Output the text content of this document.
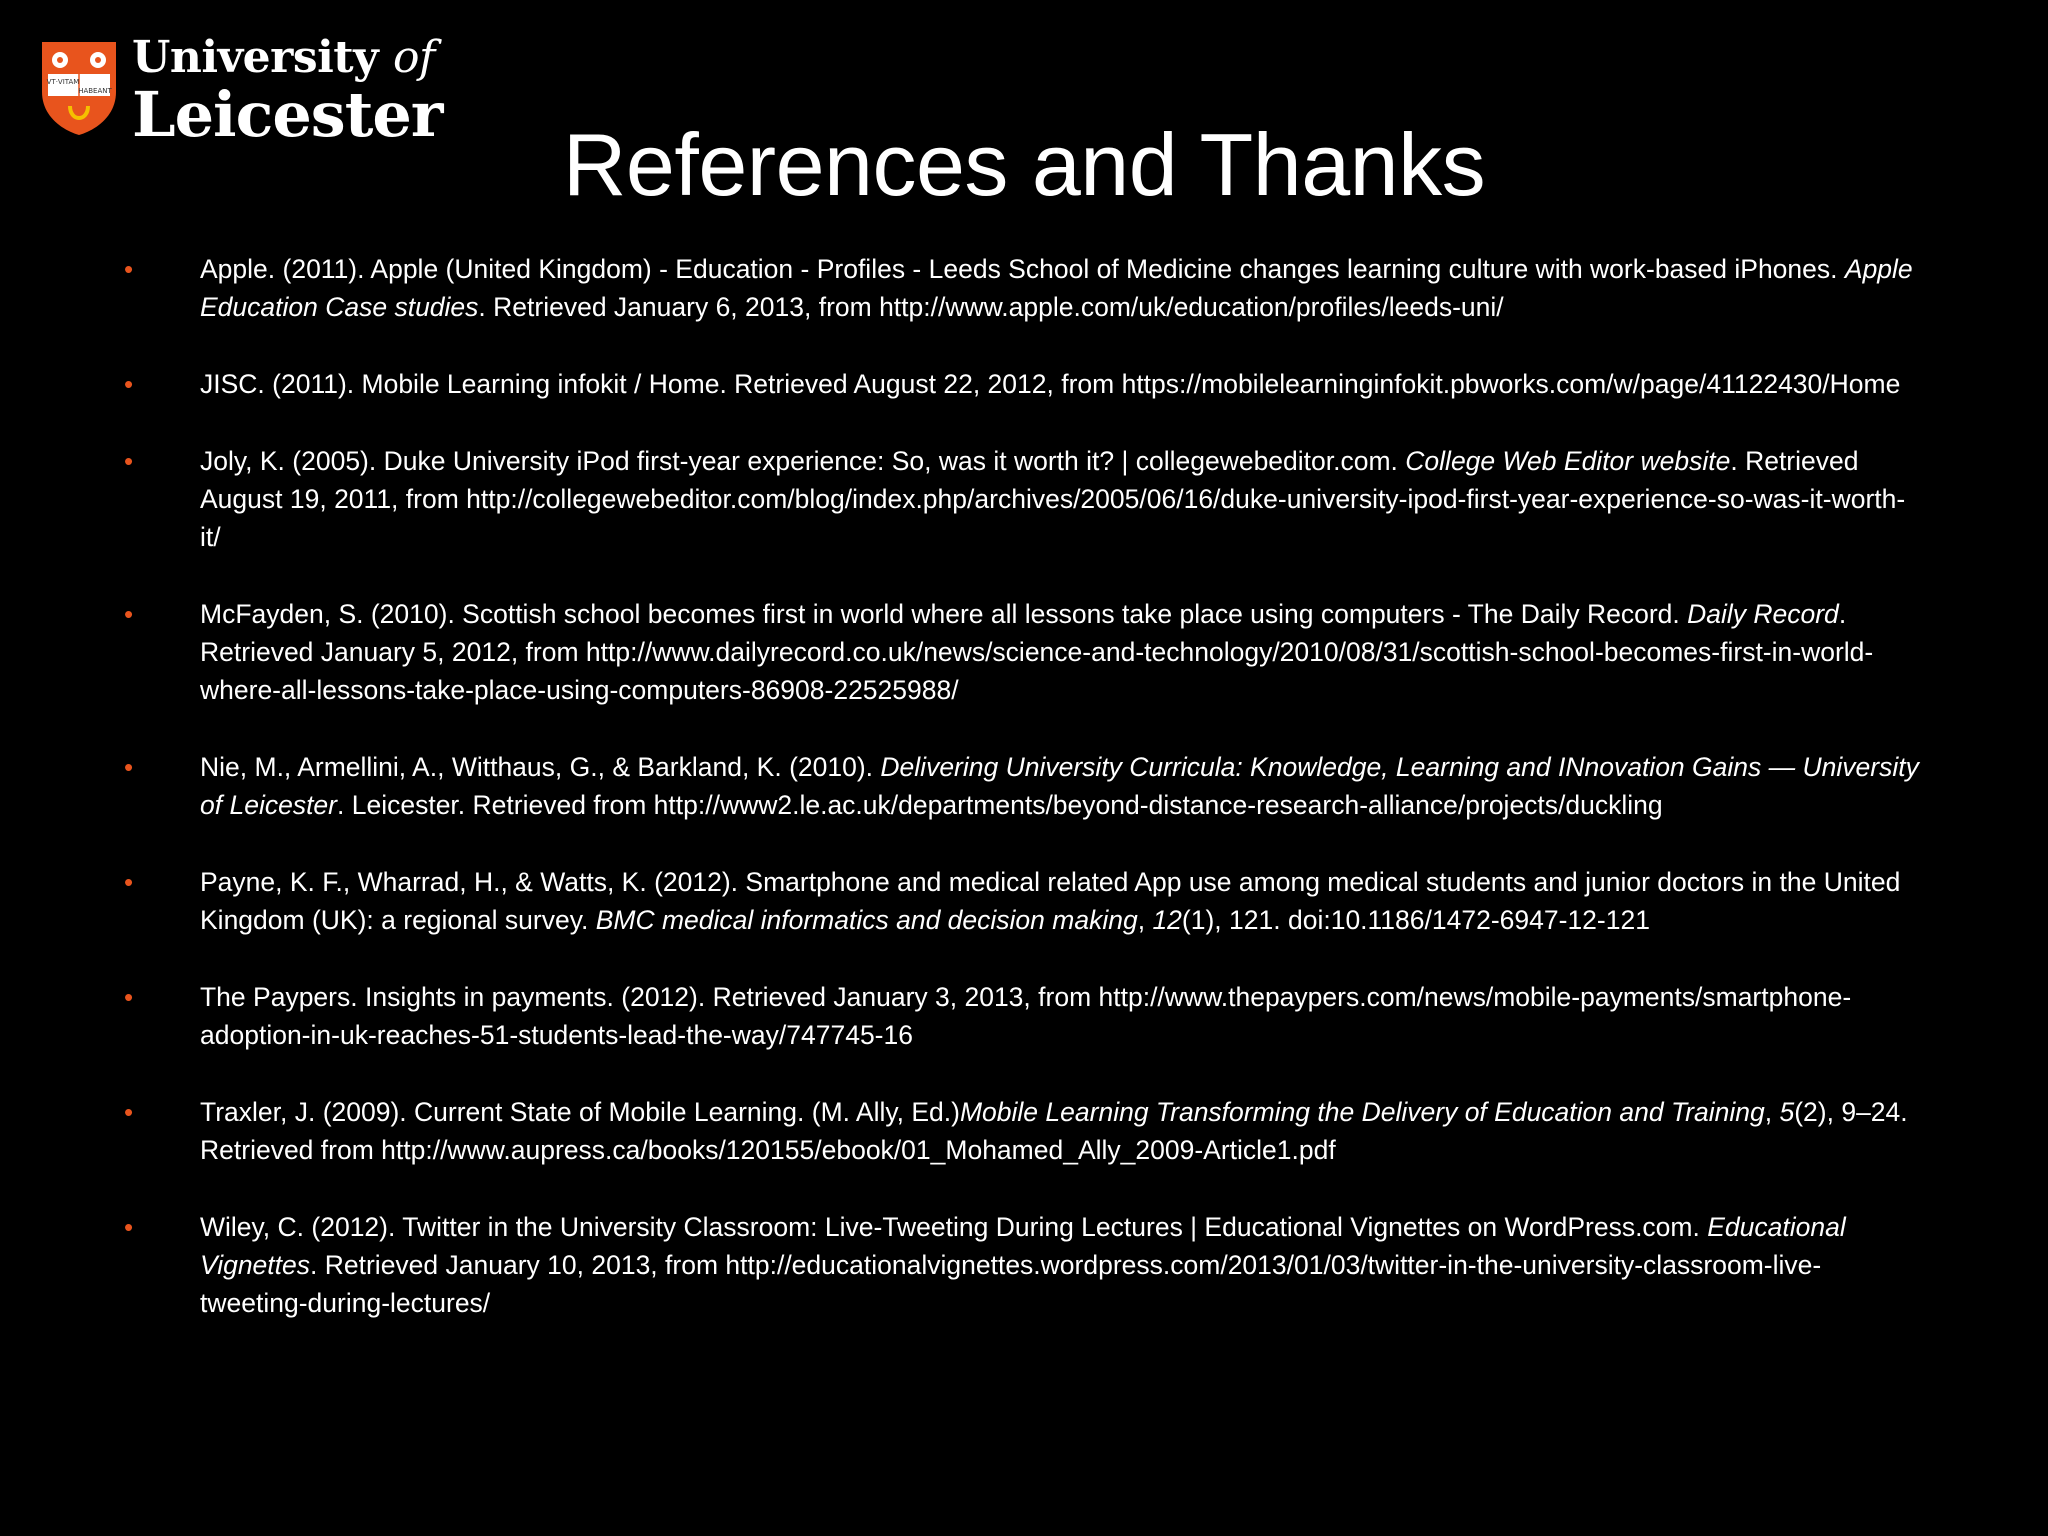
VT·VITAM
HABEANT
University of
Leicester
References and Thanks
•	Apple. (2011). Apple (United Kingdom) - Education - Profiles - Leeds School of Medicine changes learning culture with work-based iPhones. Apple Education Case studies. Retrieved January 6, 2013, from http://www.apple.com/uk/education/profiles/leeds-uni/
•	JISC. (2011). Mobile Learning infokit / Home. Retrieved August 22, 2012, from https://mobilelearninginfokit.pbworks.com/w/page/41122430/Home
•	Joly, K. (2005). Duke University iPod first-year experience: So, was it worth it? | collegewebeditor.com. College Web Editor website. Retrieved August 19, 2011, from http://collegewebeditor.com/blog/index.php/archives/2005/06/16/duke-university-ipod-first-year-experience-so-was-it-worth-it/
•	McFayden, S. (2010). Scottish school becomes first in world where all lessons take place using computers - The Daily Record. Daily Record. Retrieved January 5, 2012, from http://www.dailyrecord.co.uk/news/science-and-technology/2010/08/31/scottish-school-becomes-first-in-world-where-all-lessons-take-place-using-computers-86908-22525988/
•	Nie, M., Armellini, A., Witthaus, G., & Barkland, K. (2010). Delivering University Curricula: Knowledge, Learning and INnovation Gains — University of Leicester. Leicester. Retrieved from http://www2.le.ac.uk/departments/beyond-distance-research-alliance/projects/duckling
•	Payne, K. F., Wharrad, H., & Watts, K. (2012). Smartphone and medical related App use among medical students and junior doctors in the United Kingdom (UK): a regional survey. BMC medical informatics and decision making, 12(1), 121. doi:10.1186/1472-6947-12-121
•	The Paypers. Insights in payments. (2012). Retrieved January 3, 2013, from http://www.thepaypers.com/news/mobile-payments/smartphone-adoption-in-uk-reaches-51-students-lead-the-way/747745-16
•	Traxler, J. (2009). Current State of Mobile Learning. (M. Ally, Ed.)Mobile Learning Transforming the Delivery of Education and Training, 5(2), 9–24. Retrieved from http://www.aupress.ca/books/120155/ebook/01_Mohamed_Ally_2009-Article1.pdf
•	Wiley, C. (2012). Twitter in the University Classroom: Live-Tweeting During Lectures | Educational Vignettes on WordPress.com. Educational Vignettes. Retrieved January 10, 2013, from http://educationalvignettes.wordpress.com/2013/01/03/twitter-in-the-university-classroom-live-tweeting-during-lectures/
